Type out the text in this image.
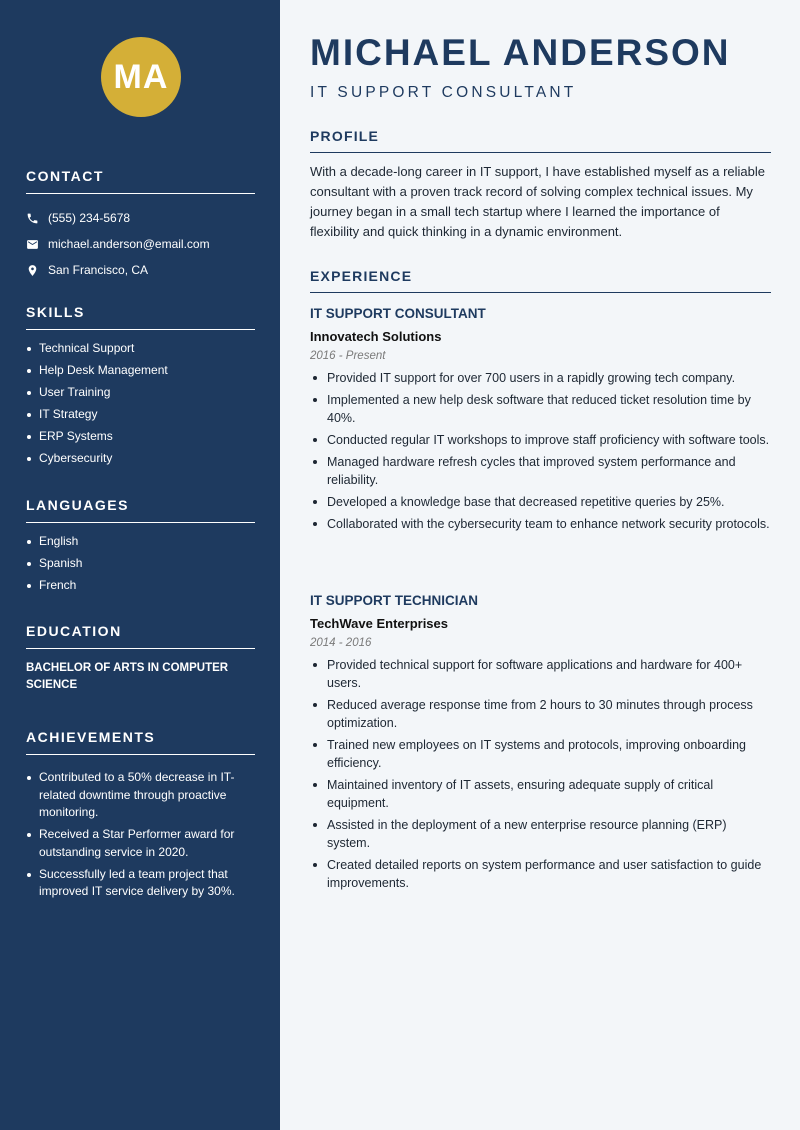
MA
CONTACT
(555) 234-5678
michael.anderson@email.com
San Francisco, CA
SKILLS
Technical Support
Help Desk Management
User Training
IT Strategy
ERP Systems
Cybersecurity
LANGUAGES
English
Spanish
French
EDUCATION
BACHELOR OF ARTS IN COMPUTER SCIENCE
ACHIEVEMENTS
Contributed to a 50% decrease in IT-related downtime through proactive monitoring.
Received a Star Performer award for outstanding service in 2020.
Successfully led a team project that improved IT service delivery by 30%.
MICHAEL ANDERSON
IT SUPPORT CONSULTANT
PROFILE

With a decade-long career in IT support, I have established myself as a reliable consultant with a proven track record of solving complex technical issues. My journey began in a small tech startup where I learned the importance of flexibility and quick thinking in a dynamic environment.

EXPERIENCE
IT SUPPORT CONSULTANT
Innovatech Solutions
2016 - Present
Provided IT support for over 700 users in a rapidly growing tech company.
Implemented a new help desk software that reduced ticket resolution time by 40%.
Conducted regular IT workshops to improve staff proficiency with software tools.
Managed hardware refresh cycles that improved system performance and reliability.
Developed a knowledge base that decreased repetitive queries by 25%.
Collaborated with the cybersecurity team to enhance network security protocols.
IT SUPPORT TECHNICIAN
TechWave Enterprises
2014 - 2016
Provided technical support for software applications and hardware for 400+ users.
Reduced average response time from 2 hours to 30 minutes through process optimization.
Trained new employees on IT systems and protocols, improving onboarding efficiency.
Maintained inventory of IT assets, ensuring adequate supply of critical equipment.
Assisted in the deployment of a new enterprise resource planning (ERP) system.
Created detailed reports on system performance and user satisfaction to guide improvements.
